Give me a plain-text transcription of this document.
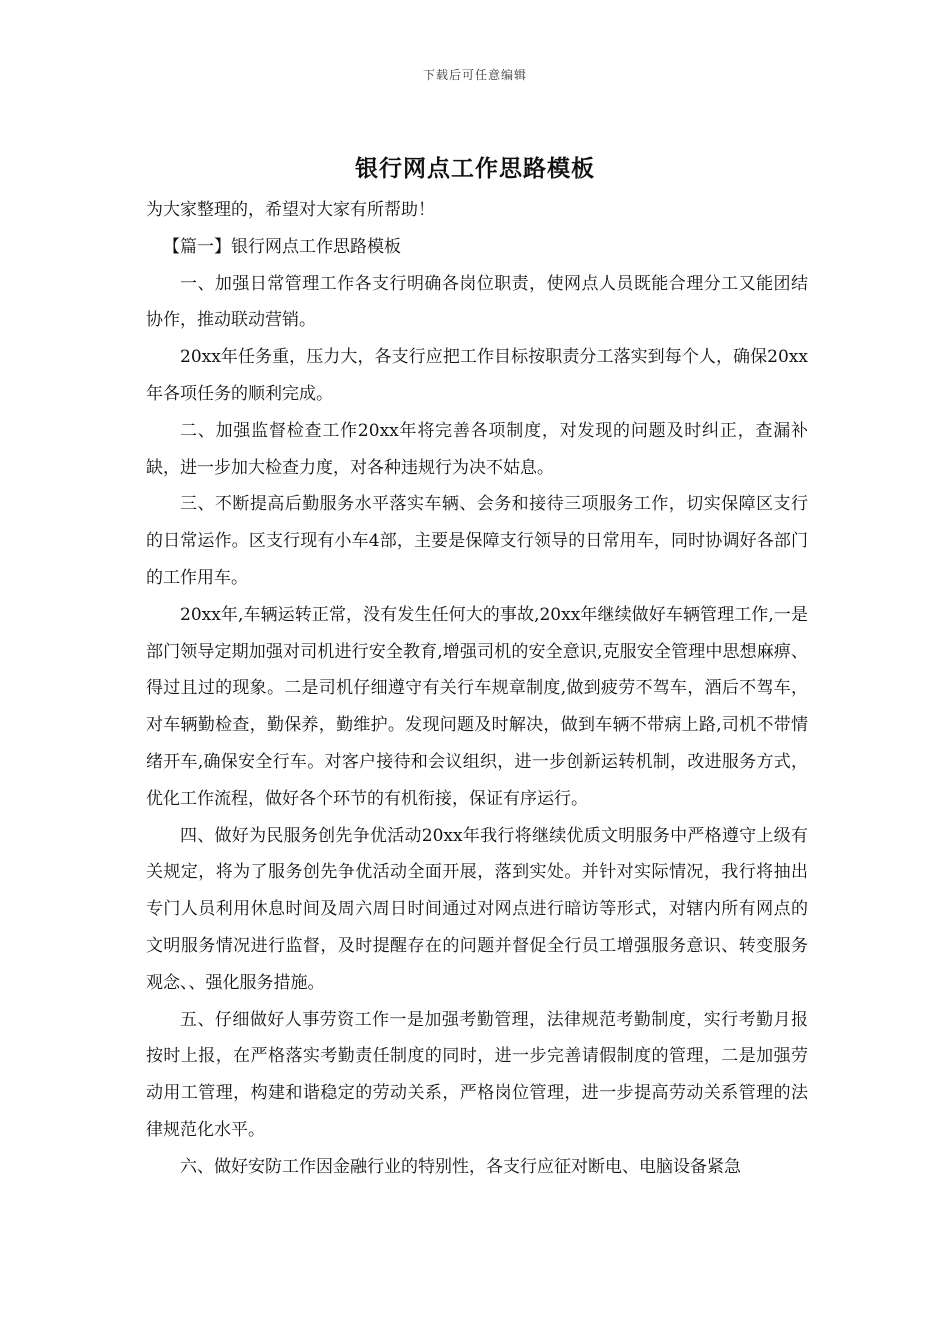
下载后可任意编辑
银行网点工作思路模板

为大家整理的，希望对大家有所帮助！

【篇一】银行网点工作思路模板

一、加强日常管理工作各支行明确各岗位职责，使网点人员既能合理分工又能团结协作，推动联动营销。

20xx年任务重，压力大，各支行应把工作目标按职责分工落实到每个人，确保20xx年各项任务的顺利完成。

二、加强监督检查工作20xx年将完善各项制度，对发现的问题及时纠正，查漏补缺，进一步加大检查力度，对各种违规行为决不姑息。

三、不断提高后勤服务水平落实车辆、会务和接待三项服务工作，切实保障区支行的日常运作。区支行现有小车4部，主要是保障支行领导的日常用车，同时协调好各部门的工作用车。

20xx年,车辆运转正常，没有发生任何大的事故,20xx年继续做好车辆管理工作,一是部门领导定期加强对司机进行安全教育,增强司机的安全意识,克服安全管理中思想麻痹、得过且过的现象。二是司机仔细遵守有关行车规章制度,做到疲劳不驾车，酒后不驾车，对车辆勤检查，勤保养，勤维护。发现问题及时解决，做到车辆不带病上路,司机不带情绪开车,确保安全行车。对客户接待和会议组织，进一步创新运转机制，改进服务方式，优化工作流程，做好各个环节的有机衔接，保证有序运行。

四、做好为民服务创先争优活动20xx年我行将继续优质文明服务中严格遵守上级有关规定，将为了服务创先争优活动全面开展，落到实处。并针对实际情况，我行将抽出专门人员利用休息时间及周六周日时间通过对网点进行暗访等形式，对辖内所有网点的文明服务情况进行监督，及时提醒存在的问题并督促全行员工增强服务意识、转变服务观念、、强化服务措施。

五、仔细做好人事劳资工作一是加强考勤管理，法律规范考勤制度，实行考勤月报按时上报，在严格落实考勤责任制度的同时，进一步完善请假制度的管理，二是加强劳动用工管理，构建和谐稳定的劳动关系，严格岗位管理，进一步提高劳动关系管理的法律规范化水平。

六、做好安防工作因金融行业的特别性，各支行应征对断电、电脑设备紧急
